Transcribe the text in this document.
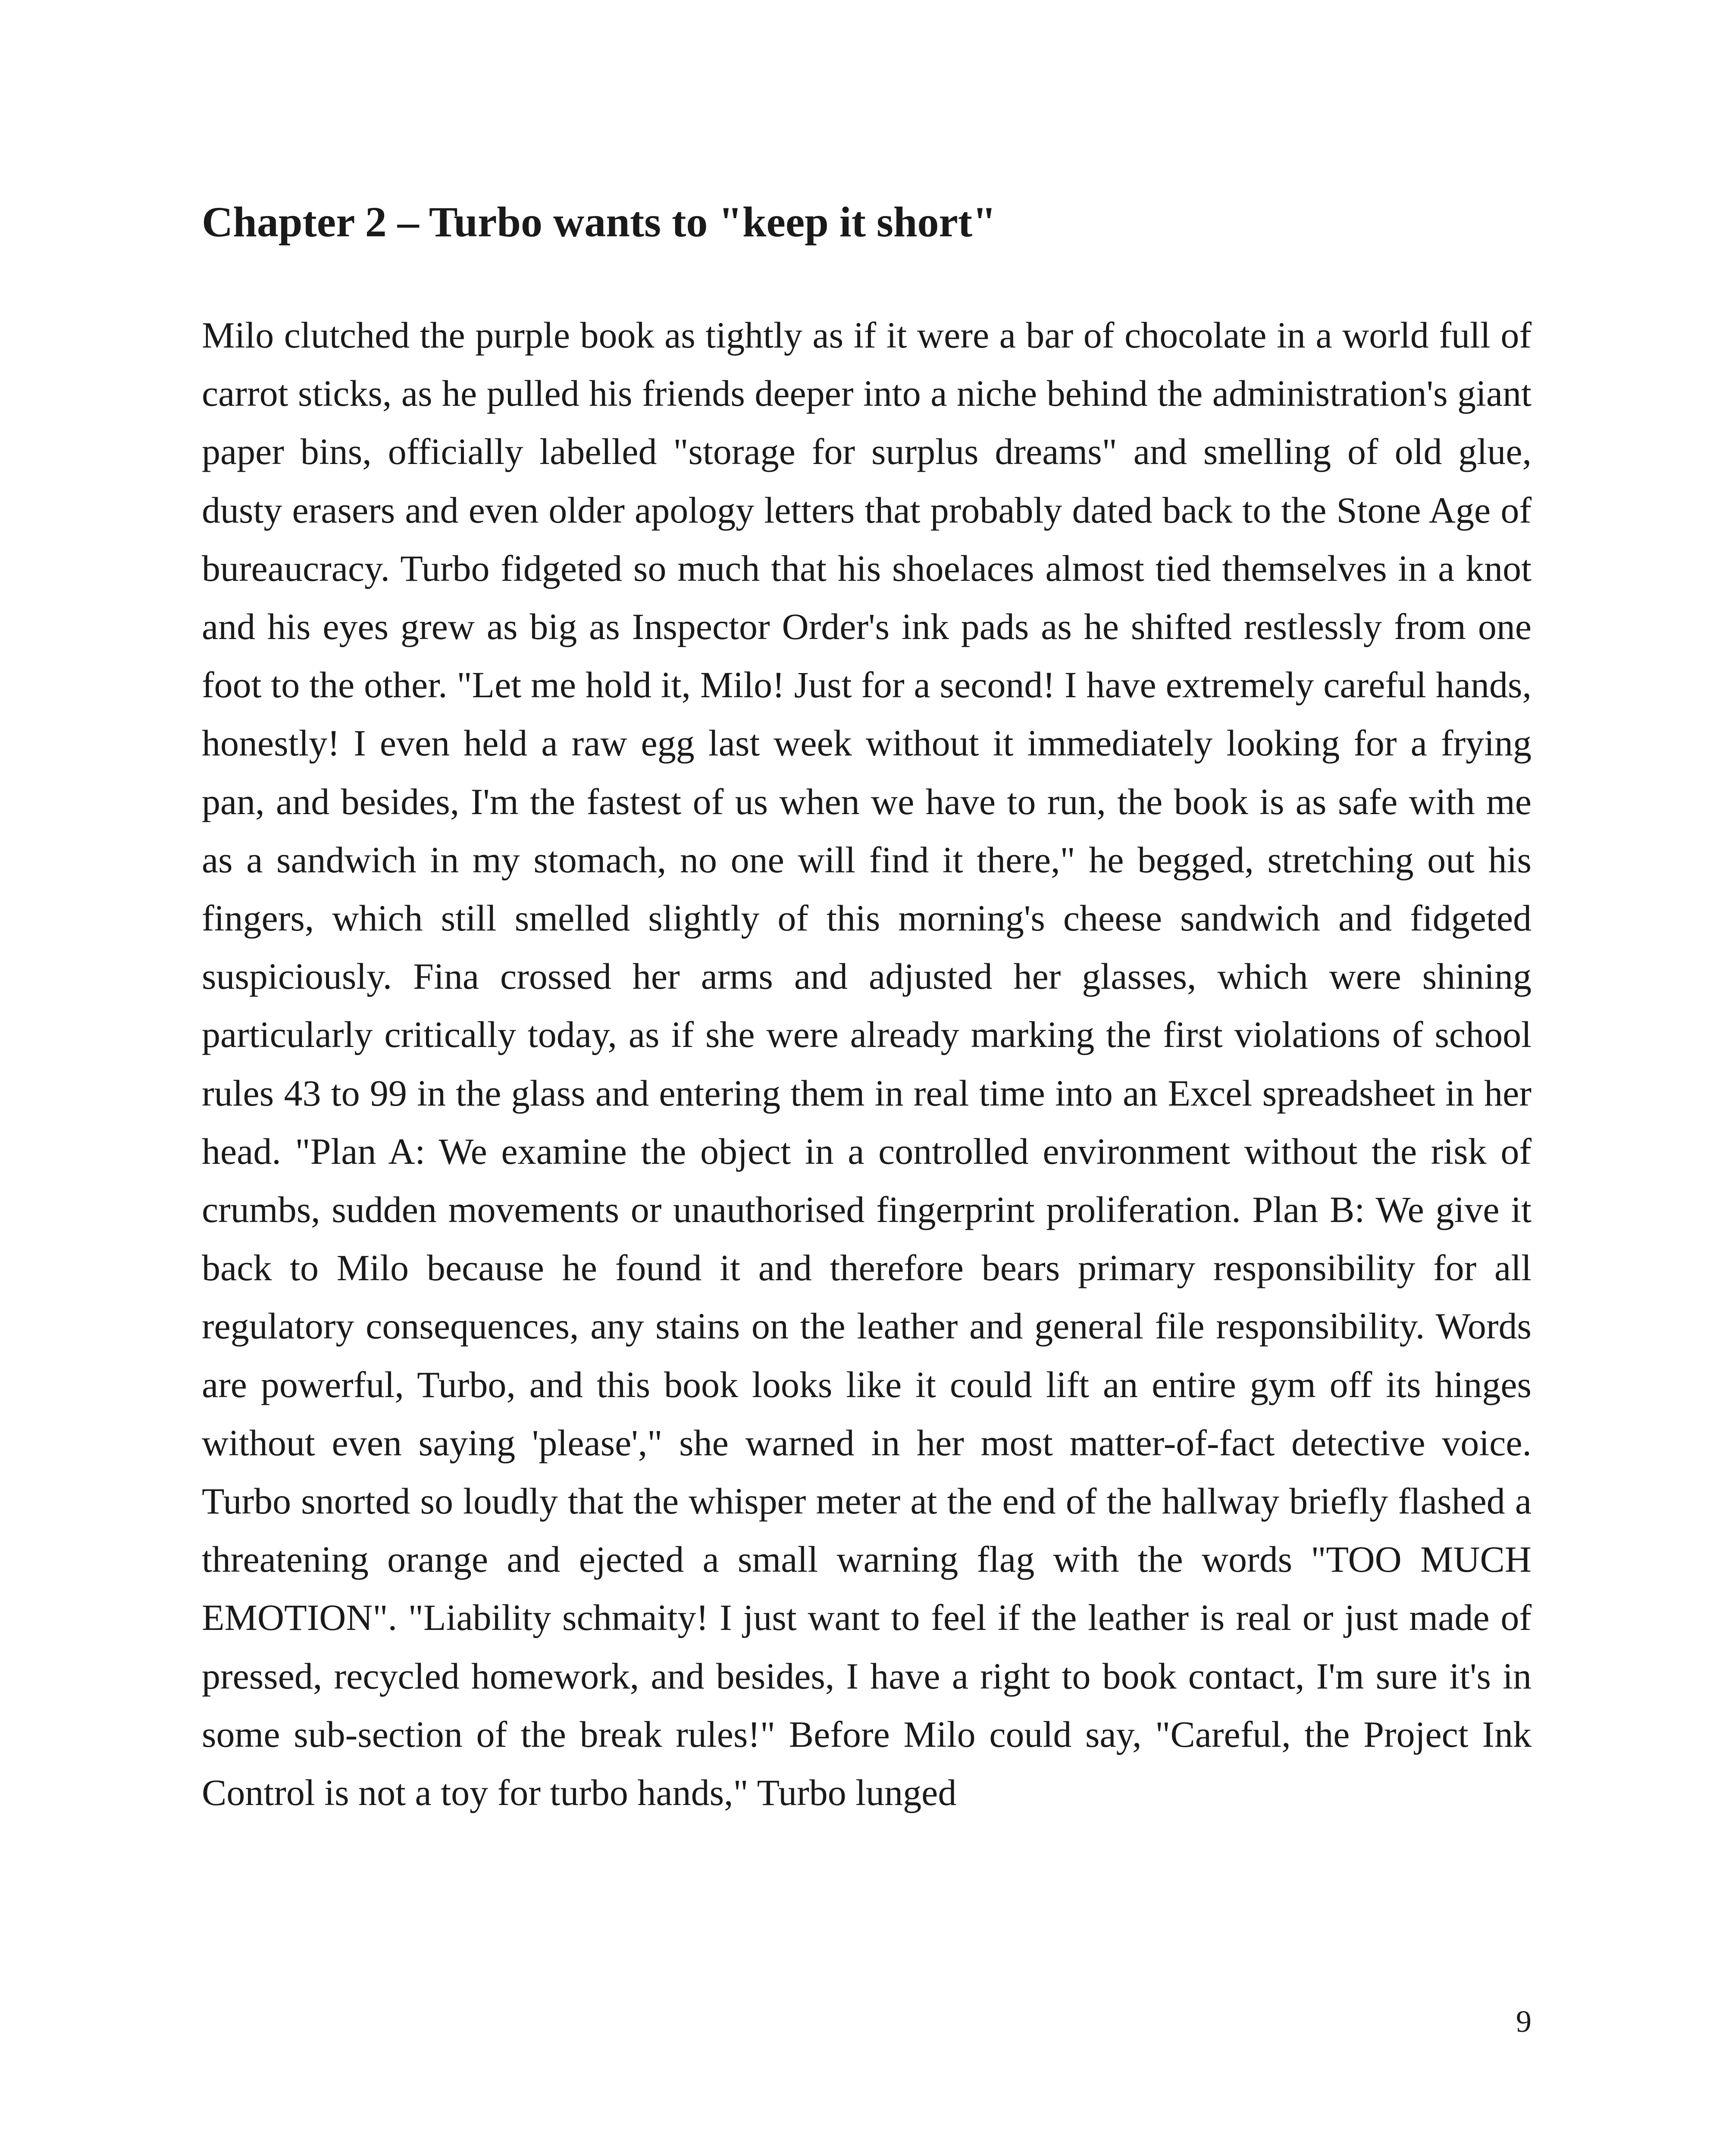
Chapter 2 – Turbo wants to "keep it short"

Milo clutched the purple book as tightly as if it were a bar of chocolate in a world full of carrot sticks, as he pulled his friends deeper into a niche behind the administration's giant paper bins, officially labelled "storage for surplus dreams" and smelling of old glue, dusty erasers and even older apology letters that probably dated back to the Stone Age of bureaucracy. Turbo fidgeted so much that his shoelaces almost tied themselves in a knot and his eyes grew as big as Inspector Order's ink pads as he shifted restlessly from one foot to the other. "Let me hold it, Milo! Just for a second! I have extremely careful hands, honestly! I even held a raw egg last week without it immediately looking for a frying pan, and besides, I'm the fastest of us when we have to run, the book is as safe with me as a sandwich in my stomach, no one will find it there," he begged, stretching out his fingers, which still smelled slightly of this morning's cheese sandwich and fidgeted suspiciously. Fina crossed her arms and adjusted her glasses, which were shining particularly critically today, as if she were already marking the first violations of school rules 43 to 99 in the glass and entering them in real time into an Excel spreadsheet in her head. "Plan A: We examine the object in a controlled environment without the risk of crumbs, sudden movements or unauthorised fingerprint proliferation. Plan B: We give it back to Milo because he found it and therefore bears primary responsibility for all regulatory consequences, any stains on the leather and general file responsibility. Words are powerful, Turbo, and this book looks like it could lift an entire gym off its hinges without even saying 'please'," she warned in her most matter-of-fact detective voice. Turbo snorted so loudly that the whisper meter at the end of the hallway briefly flashed a threatening orange and ejected a small warning flag with the words "TOO MUCH EMOTION". "Liability schmaity! I just want to feel if the leather is real or just made of pressed, recycled homework, and besides, I have a right to book contact, I'm sure it's in some sub-section of the break rules!" Before Milo could say, "Careful, the Project Ink Control is not a toy for turbo hands," Turbo lunged

9
